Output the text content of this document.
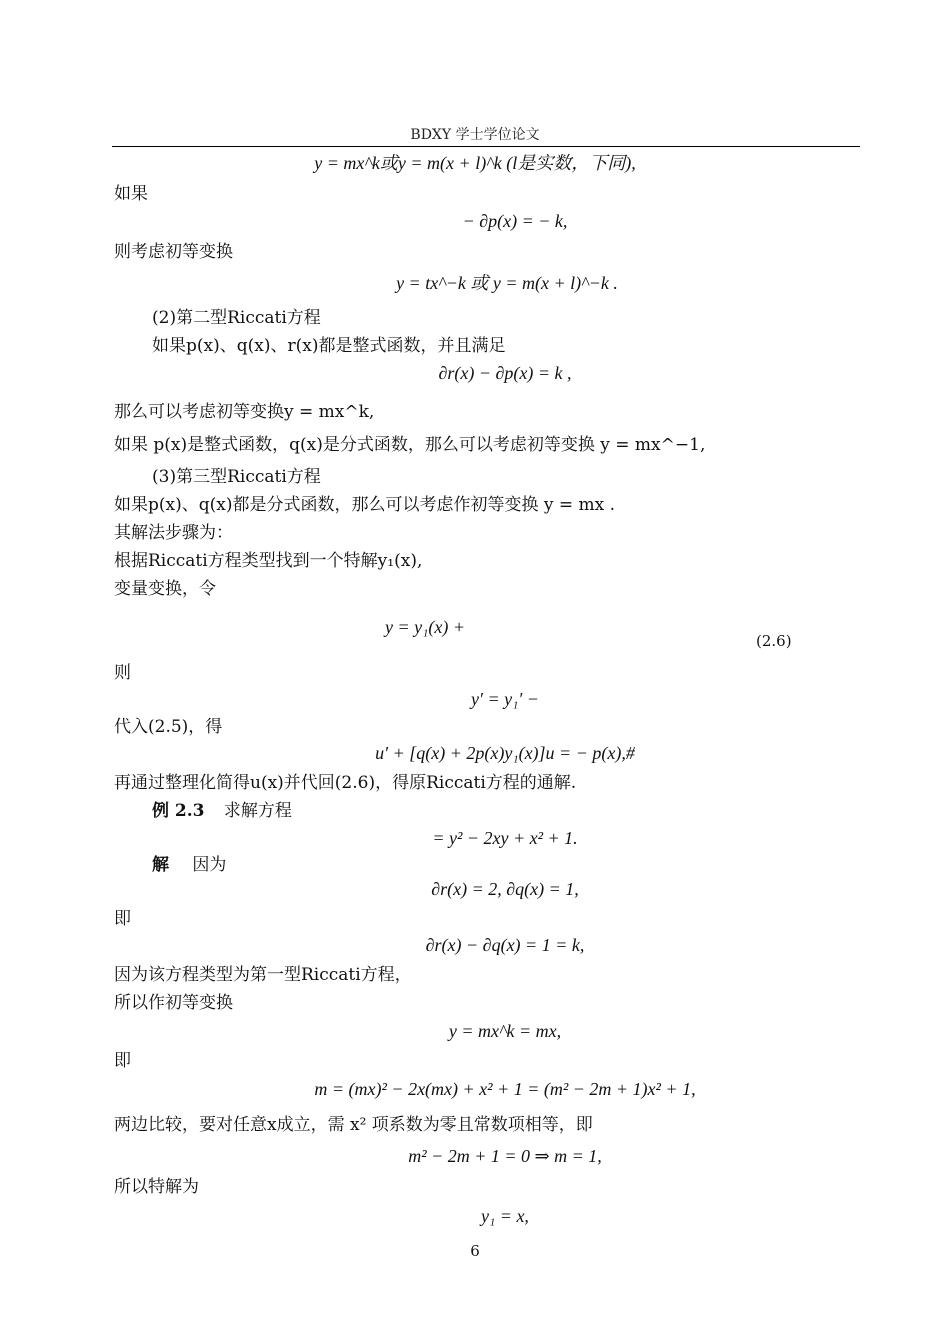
BDXY 学士学位论文
y = mx^k或y = m(x + l)^k (l是实数，下同),
如果
− ∂p(x) = − k,
则考虑初等变换
y = tx^−k 或 y = m(x + l)^−k .
(2)第二型Riccati方程
如果p(x)、q(x)、r(x)都是整式函数，并且满足
∂r(x) − ∂p(x) = k ,
那么可以考虑初等变换y = mx^k,
如果 p(x)是整式函数，q(x)是分式函数，那么可以考虑初等变换 y = mx^−1,
(3)第三型Riccati方程
如果p(x)、q(x)都是分式函数，那么可以考虑作初等变换 y = mx .
其解法步骤为：
根据Riccati方程类型找到一个特解y₁(x),
变量变换，令
y = y₁(x) +
(2.6)
则
y′ = y₁′ −
代入(2.5)，得
u′ + [q(x) + 2p(x)y₁(x)]u = − p(x),#
再通过整理化简得u(x)并代回(2.6)，得原Riccati方程的通解.
例 2.3 求解方程
= y² − 2xy + x² + 1.
解 因为
∂r(x) = 2, ∂q(x) = 1,
即
∂r(x) − ∂q(x) = 1 = k,
因为该方程类型为第一型Riccati方程，
所以作初等变换
y = mx^k = mx,
即
m = (mx)² − 2x(mx) + x² + 1 = (m² − 2m + 1)x² + 1,
两边比较，要对任意x成立，需 x² 项系数为零且常数项相等，即
m² − 2m + 1 = 0 ⇒ m = 1,
所以特解为
y₁ = x,
6
